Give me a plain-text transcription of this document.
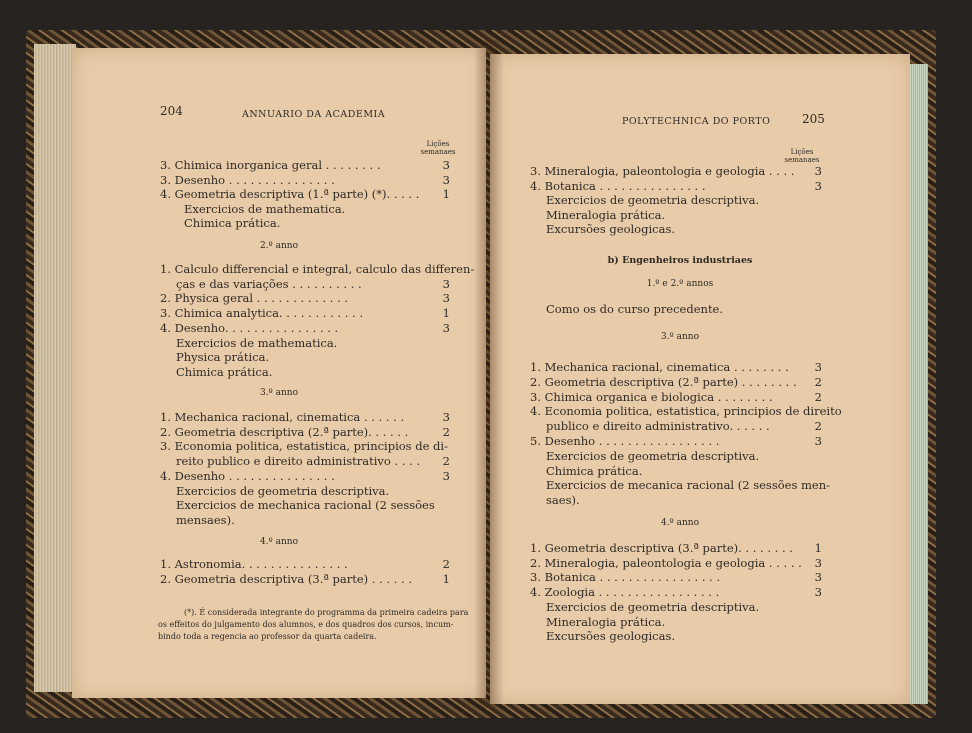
204	ANNUARIO DA ACADEMIA
Lições semanaes
3. Chimica inorganica geral . . . . . . . .	3
3. Desenho . . . . . . . . . . . . . . .	3
4. Geometria descriptiva (1.ª parte) (*). . . . .	1
Exercicios de mathematica.
Chimica prática.
2.º anno
1. Calculo differencial e integral, calculo das differen-
ças e das variações . . . . . . . . . .	3
2. Physica geral . . . . . . . . . . . . .	3
3. Chimica analytica. . . . . . . . . . . .	1
4. Desenho. . . . . . . . . . . . . . . .	3
Exercicios de mathematica.
Physica prática.
Chimica prática.
3.º anno
1. Mechanica racional, cinematica . . . . . .	3
2. Geometria descriptiva (2.ª parte). . . . . .	2
3. Economia politica, estatistica, principios de di-
reito publico e direito administrativo . . . .	2
4. Desenho . . . . . . . . . . . . . . .	3
Exercicios de geometria descriptiva.
Exercicios de mechanica racional (2 sessões
mensaes).
4.º anno
1. Astronomia. . . . . . . . . . . . . . .	2
2. Geometria descriptiva (3.ª parte) . . . . . .	1
(*). É considerada integrante do programma da primeira cadeira para
os effeitos do julgamento dos alumnos, e dos quadros dos cursos, incum-
bindo toda a regencia ao professor da quarta cadeira.
POLYTECHNICA DO PORTO	205
Lições semanaes
3. Mineralogia, paleontologia e geologia . . . .	3
4. Botanica . . . . . . . . . . . . . . .	3
Exercicios de geometria descriptiva.
Mineralogia prática.
Excursões geologicas.
b) Engenheiros industriaes
1.º e 2.º annos
Como os do curso precedente.
3.º anno
1. Mechanica racional, cinematica . . . . . . . .	3
2. Geometria descriptiva (2.ª parte) . . . . . . . .	2
3. Chimica organica e biologica . . . . . . . .	2
4. Economia politica, estatistica, principios de direito
publico e direito administrativo. . . . . .	2
5. Desenho . . . . . . . . . . . . . . . . .	3
Exercicios de geometria descriptiva.
Chimica prática.
Exercicios de mecanica racional (2 sessões men-
saes).
4.º anno
1. Geometria descriptiva (3.ª parte). . . . . . . .	1
2. Mineralogia, paleontologia e geologia . . . . .	3
3. Botanica . . . . . . . . . . . . . . . . .	3
4. Zoologia . . . . . . . . . . . . . . . . .	3
Exercicios de geometria descriptiva.
Mineralogia prática.
Excursões geologicas.
